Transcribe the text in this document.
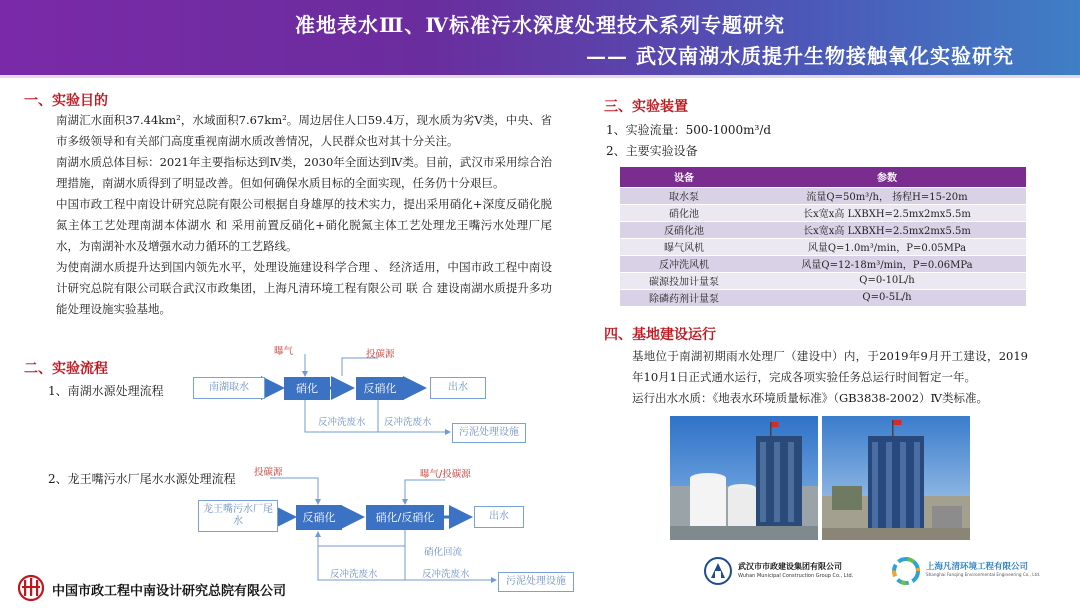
准地表水Ⅲ、Ⅳ标准污水深度处理技术系列专题研究
—— 武汉南湖水质提升生物接触氧化实验研究
一、实验目的
南湖汇水面积37.44km²，水域面积7.67km²。周边居住人口59.4万，现水质为劣V类，中央、省市多级领导和有关部门高度重视南湖水质改善情况，人民群众也对其十分关注。
南湖水质总体目标：2021年主要指标达到Ⅳ类，2030年全面达到Ⅳ类。目前，武汉市采用综合治理措施，南湖水质得到了明显改善。但如何确保水质目标的全面实现，任务仍十分艰巨。
中国市政工程中南设计研究总院有限公司根据自身雄厚的技术实力，提出采用硝化+深度反硝化脱氮主体工艺处理南湖本体湖水 和 采用前置反硝化+硝化脱氮主体工艺处理龙王嘴污水处理厂尾水，为南湖补水及增强水动力循环的工艺路线。
为使南湖水质提升达到国内领先水平，处理设施建设科学合理 、 经济适用，中国市政工程中南设计研究总院有限公司联合武汉市政集团，上海凡清环境工程有限公司 联 合 建设南湖水质提升多功能处理设施实验基地。
二、实验流程
1、南湖水源处理流程
2、龙王嘴污水厂尾水水源处理流程
南湖取水	硝化	反硝化	出水
曝气	投碳源
反冲洗废水 反冲洗废水
污泥处理设施
龙王嘴污水厂尾水	反硝化	硝化/反硝化	出水
投碳源	曝气/投碳源
硝化回流
反冲洗废水	反冲洗废水
污泥处理设施
三、实验装置
1、实验流量：500-1000m³/d
2、主要实验设备
设备	参数
取水泵	流量Q=50m³/h， 扬程H=15-20m
硝化池	长x宽x高 LXBXH=2.5mx2mx5.5m
反硝化池	长x宽x高 LXBXH=2.5mx2mx5.5m
曝气风机	风量Q=1.0m³/min，P=0.05MPa
反冲洗风机	风量Q=12-18m³/min，P=0.06MPa
碳源投加计量泵	Q=0-10L/h
除磷药剂计量泵	Q=0-5L/h
四、基地建设运行
基地位于南湖初期雨水处理厂（建设中）内，于2019年9月开工建设，2019年10月1日正式通水运行，完成各项实验任务总运行时间暂定一年。
运行出水水质：《地表水环境质量标准》（GB3838-2002）Ⅳ类标准。
武汉市市政建设集团有限公司
Wuhan Municipal Construction Group Co., Ltd.
上海凡清环境工程有限公司
Shanghai Fanqing Environmental Engineering Co., Ltd.
中国市政工程中南设计研究总院有限公司
